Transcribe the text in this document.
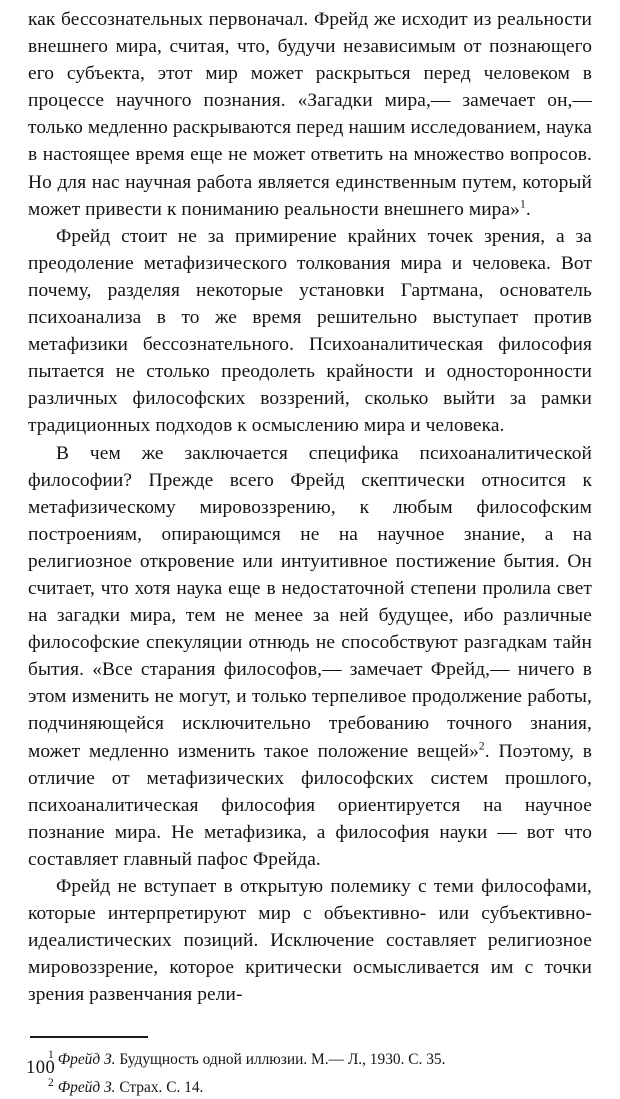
как бессознательных первоначал. Фрейд же исходит из реальности внешнего мира, считая, что, будучи независимым от познающего его субъекта, этот мир может раскрыться перед человеком в процессе научного познания. «Загадки мира,— замечает он,— только медленно раскрываются перед нашим исследованием, наука в настоящее время еще не может ответить на множество вопросов. Но для нас научная работа является единственным путем, который может привести к пониманию реальности внешнего мира»$^1$.

Фрейд стоит не за примирение крайних точек зрения, а за преодоление метафизического толкования мира и человека. Вот почему, разделяя некоторые установки Гартмана, основатель психоанализа в то же время решительно выступает против метафизики бессознательного. Психоаналитическая философия пытается не столько преодолеть крайности и односторонности различных философских воззрений, сколько выйти за рамки традиционных подходов к осмыслению мира и человека.

В чем же заключается специфика психоаналитической философии? Прежде всего Фрейд скептически относится к метафизическому мировоззрению, к любым философским построениям, опирающимся не на научное знание, а на религиозное откровение или интуитивное постижение бытия. Он считает, что хотя наука еще в недостаточной степени пролила свет на загадки мира, тем не менее за ней будущее, ибо различные философские спекуляции отнюдь не способствуют разгадкам тайн бытия. «Все старания философов,— замечает Фрейд,— ничего в этом изменить не могут, и только терпеливое продолжение работы, подчиняющейся исключительно требованию точного знания, может медленно изменить такое положение вещей»$^2$. Поэтому, в отличие от метафизических философских систем прошлого, психоаналитическая философия ориентируется на научное познание мира. Не метафизика, а философия науки — вот что составляет главный пафос Фрейда.

Фрейд не вступает в открытую полемику с теми философами, которые интерпретируют мир с объективно- или субъективно-идеалистических позиций. Исключение составляет религиозное мировоззрение, которое критически осмысливается им с точки зрения развенчания рели-

$^1$ Фрейд З. Будущность одной иллюзии. М.— Л., 1930. С. 35.

$^2$ Фрейд З. Страх. С. 14.

100
